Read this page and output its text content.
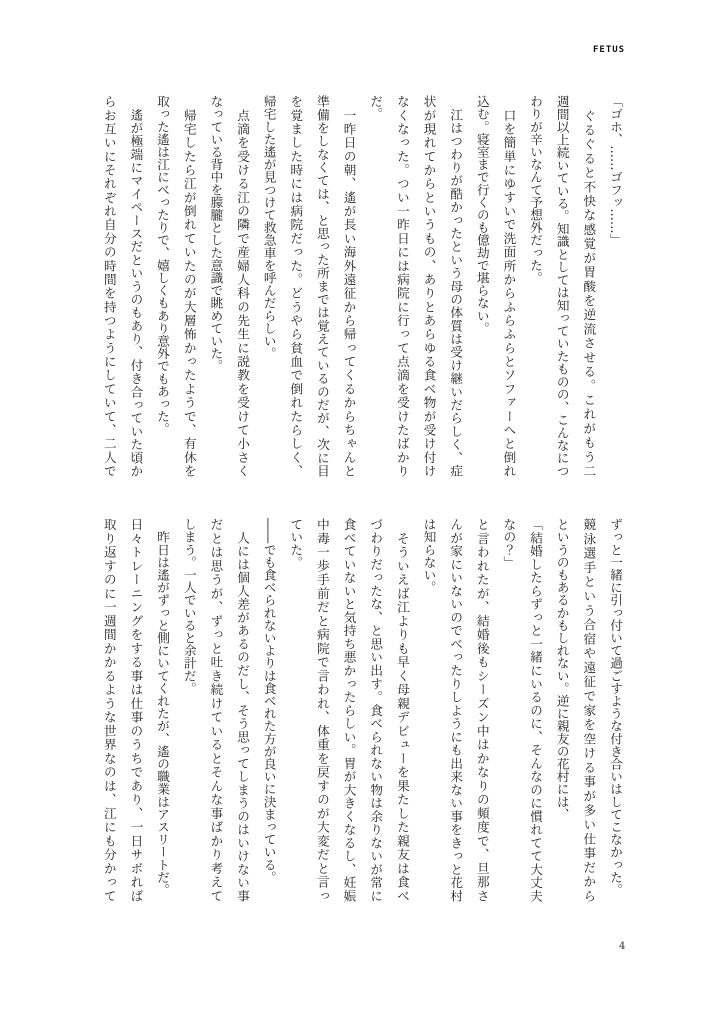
FETUS
「ゴホ、……ゴフッ……」
　ぐるぐると不快な感覚が胃酸を逆流させる。これがもう二
週間以上続いている。知識としては知っていたものの、こんなにつ
わりが辛いなんて予想外だった。
　口を簡単にゆすいで洗面所からふらふらとソファーへと倒れ
込む。寝室まで行くのも億劫で堪らない。
　江はつわりが酷かったという母の体質は受け継いだらしく、症
状が現れてからというもの、ありとあらゆる食べ物が受け付け
なくなった。つい一昨日には病院に行って点滴を受けたばかり
だ。
　一昨日の朝、遙が長い海外遠征から帰ってくるからちゃんと
準備をしなくては、と思った所までは覚えているのだが、次に目
を覚ました時には病院だった。どうやら貧血で倒れたらしく、
帰宅した遙が見つけて救急車を呼んだらしい。
　点滴を受ける江の隣で産婦人科の先生に説教を受けて小さく
なっている背中を朦朧とした意識で眺めていた。
　帰宅したら江が倒れていたのが大層怖かったようで、有休を
取った遙は江にべったりで、嬉しくもあり意外でもあった。
　遙が極端にマイペースだというのもあり、付き合っていた頃か
らお互いにそれぞれ自分の時間を持つようにしていて、二人で
ずっと一緒に引っ付いて過ごすような付き合いはしてこなかった。
競泳選手という合宿や遠征で家を空ける事が多い仕事だから
というのもあるかもしれない。逆に親友の花村には、
「結婚したらずっと一緒にいるのに、そんなのに慣れてて大丈夫
なの？」
と言われたが、結婚後もシーズン中はかなりの頻度で、旦那さ
んが家にいないのでべったりしようにも出来ない事をきっと花村
は知らない。
　そういえば江よりも早く母親デビューを果たした親友は食べ
づわりだったな、と思い出す。食べられない物は余りないが常に
食べていないと気持ち悪かったらしい。胃が大きくなるし、妊娠
中毒一歩手前だと病院で言われ、体重を戻すのが大変だと言っ
ていた。
――でも食べられないよりは食べれた方が良いに決まっている。
　人には個人差があるのだし、そう思ってしまうのはいけない事
だとは思うが、ずっと吐き続けているとそんな事ばかり考えて
しまう。一人でいると余計だ。
　昨日は遙がずっと側にいてくれたが、遙の職業はアスリートだ。
日々トレーニングをする事は仕事のうちであり、一日サボれば
取り返すのに一週間かかるような世界なのは、江にも分かって
4
